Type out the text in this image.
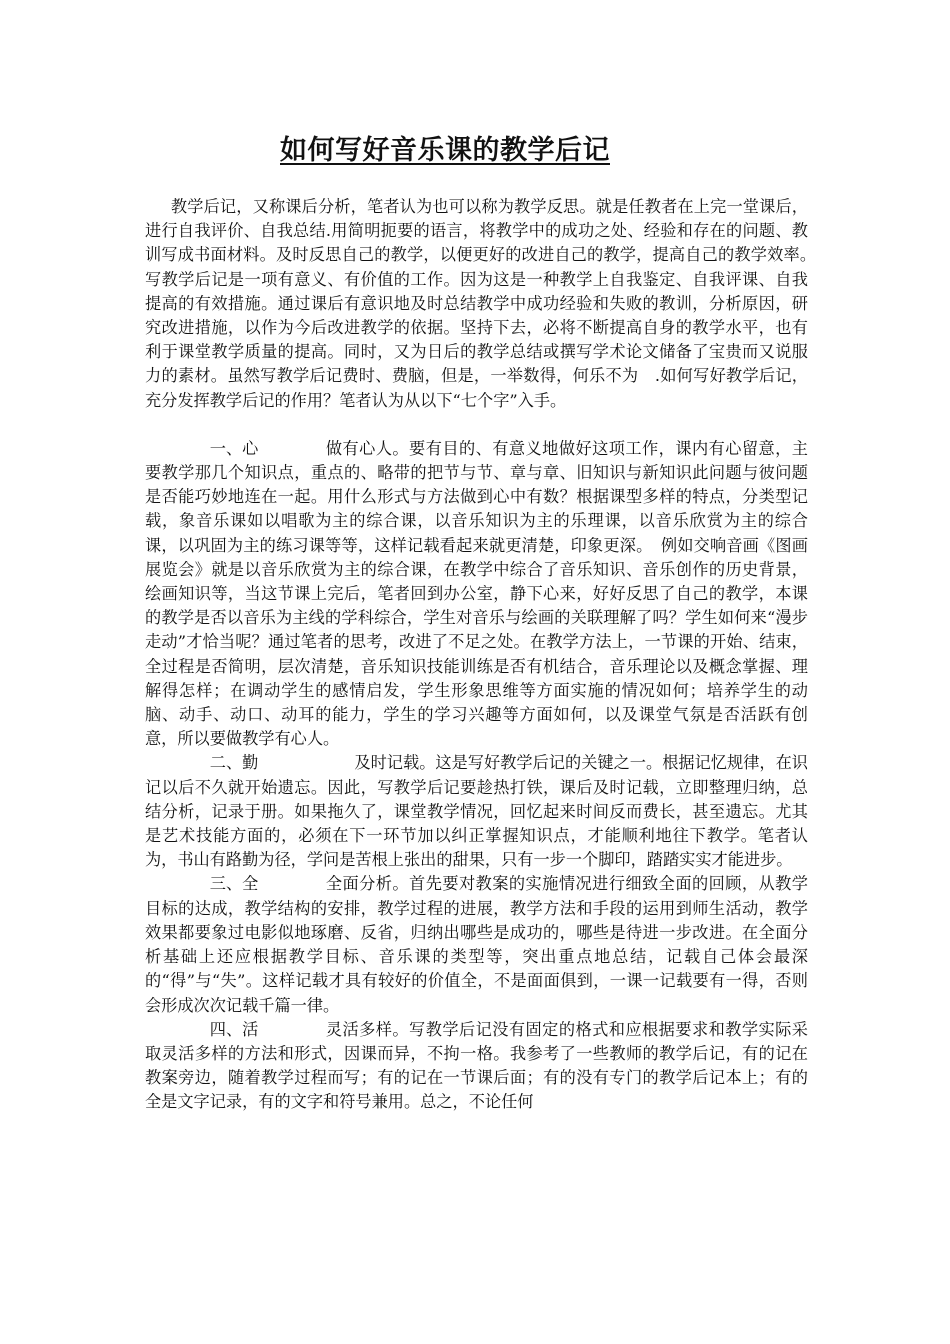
如何写好音乐课的教学后记

教学后记，又称课后分析，笔者认为也可以称为教学反思。就是任教者在上完一堂课后，进行自我评价、自我总结.用简明扼要的语言，将教学中的成功之处、经验和存在的问题、教训写成书面材料。及时反思自己的教学，以便更好的改进自己的教学，提高自己的教学效率。　写教学后记是一项有意义、有价值的工作。因为这是一种教学上自我鉴定、自我评课、自我提高的有效措施。通过课后有意识地及时总结教学中成功经验和失败的教训，分析原因，研究改进措施，以作为今后改进教学的依据。坚持下去，必将不断提高自身的教学水平，也有利于课堂教学质量的提高。同时，又为日后的教学总结或撰写学术论文储备了宝贵而又说服力的素材。虽然写教学后记费时、费脑，但是，一举数得，何乐不为　.如何写好教学后记，充分发挥教学后记的作用？笔者认为从以下“七个字”入手。

一、心	做有心人。要有目的、有意义地做好这项工作，课内有心留意，主要教学那几个知识点，重点的、略带的把节与节、章与章、旧知识与新知识此问题与彼问题是否能巧妙地连在一起。用什么形式与方法做到心中有数？根据课型多样的特点，分类型记载，象音乐课如以唱歌为主的综合课，以音乐知识为主的乐理课，以音乐欣赏为主的综合课，以巩固为主的练习课等等，这样记载看起来就更清楚，印象更深。　例如交响音画《图画展览会》就是以音乐欣赏为主的综合课，在教学中综合了音乐知识、音乐创作的历史背景，绘画知识等，当这节课上完后，笔者回到办公室，静下心来，好好反思了自己的教学，本课的教学是否以音乐为主线的学科综合，学生对音乐与绘画的关联理解了吗？学生如何来“漫步走动”才恰当呢？通过笔者的思考，改进了不足之处。在教学方法上，一节课的开始、结束，全过程是否简明，层次清楚，音乐知识技能训练是否有机结合，音乐理论以及概念掌握、理解得怎样；在调动学生的感情启发，学生形象思维等方面实施的情况如何；培养学生的动脑、动手、动口、动耳的能力，学生的学习兴趣等方面如何，以及课堂气氛是否活跃有创意，所以要做教学有心人。

二、勤	及时记载。这是写好教学后记的关键之一。根据记忆规律，在识记以后不久就开始遗忘。因此，写教学后记要趁热打铁，课后及时记载，立即整理归纳，总结分析，记录于册。如果拖久了，课堂教学情况，回忆起来时间反而费长，甚至遗忘。尤其是艺术技能方面的，必须在下一环节加以纠正掌握知识点，才能顺利地往下教学。笔者认为，书山有路勤为径，学问是苦根上张出的甜果，只有一步一个脚印，踏踏实实才能进步。

三、全	全面分析。首先要对教案的实施情况进行细致全面的回顾，从教学目标的达成，教学结构的安排，教学过程的进展，教学方法和手段的运用到师生活动，教学效果都要象过电影似地琢磨、反省，归纳出哪些是成功的，哪些是待进一步改进。在全面分析基础上还应根据教学目标、音乐课的类型等，突出重点地总结，记载自己体会最深的“得”与“失”。这样记载才具有较好的价值全，不是面面俱到，一课一记载要有一得，否则会形成次次记载千篇一律。

四、活	灵活多样。写教学后记没有固定的格式和应根据要求和教学实际采取灵活多样的方法和形式，因课而异，不拘一格。我参考了一些教师的教学后记，有的记在教案旁边，随着教学过程而写；有的记在一节课后面；有的没有专门的教学后记本上；有的全是文字记录，有的文字和符号兼用。总之，不论任何
